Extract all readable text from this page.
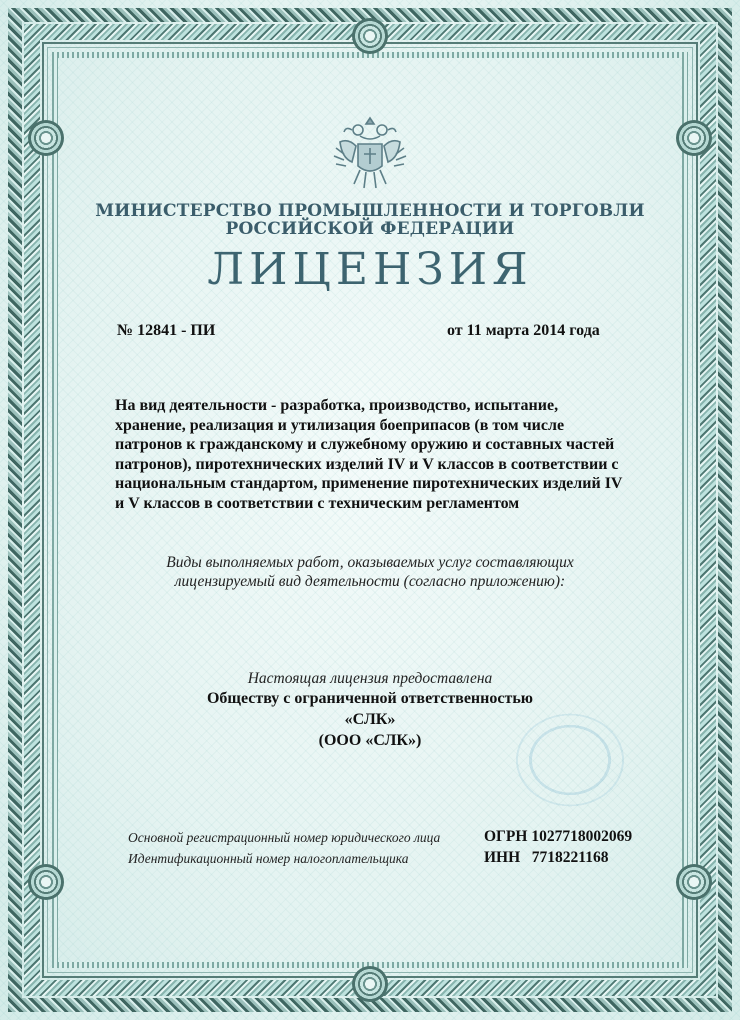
МИНИСТЕРСТВО ПРОМЫШЛЕННОСТИ И ТОРГОВЛИ
РОССИЙСКОЙ ФЕДЕРАЦИИ
ЛИЦЕНЗИЯ
№ 12841 - ПИ	от 11 марта 2014 года
На вид деятельности - разработка, производство, испытание,
хранение, реализация и утилизация боеприпасов (в том числе
патронов к гражданскому и служебному оружию и составных частей
патронов), пиротехнических изделий IV и V классов в соответствии с
национальным стандартом, применение пиротехнических изделий IV
и V классов в соответствии с техническим регламентом
Виды выполняемых работ, оказываемых услуг составляющих
лицензируемый вид деятельности (согласно приложению):
Настоящая лицензия предоставлена
Обществу с ограниченной ответственностью
«СЛК»
(ООО «СЛК»)
Основной регистрационный номер юридического лица	ОГРН 1027718002069
Идентификационный номер налогоплательщика	ИНН   7718221168
